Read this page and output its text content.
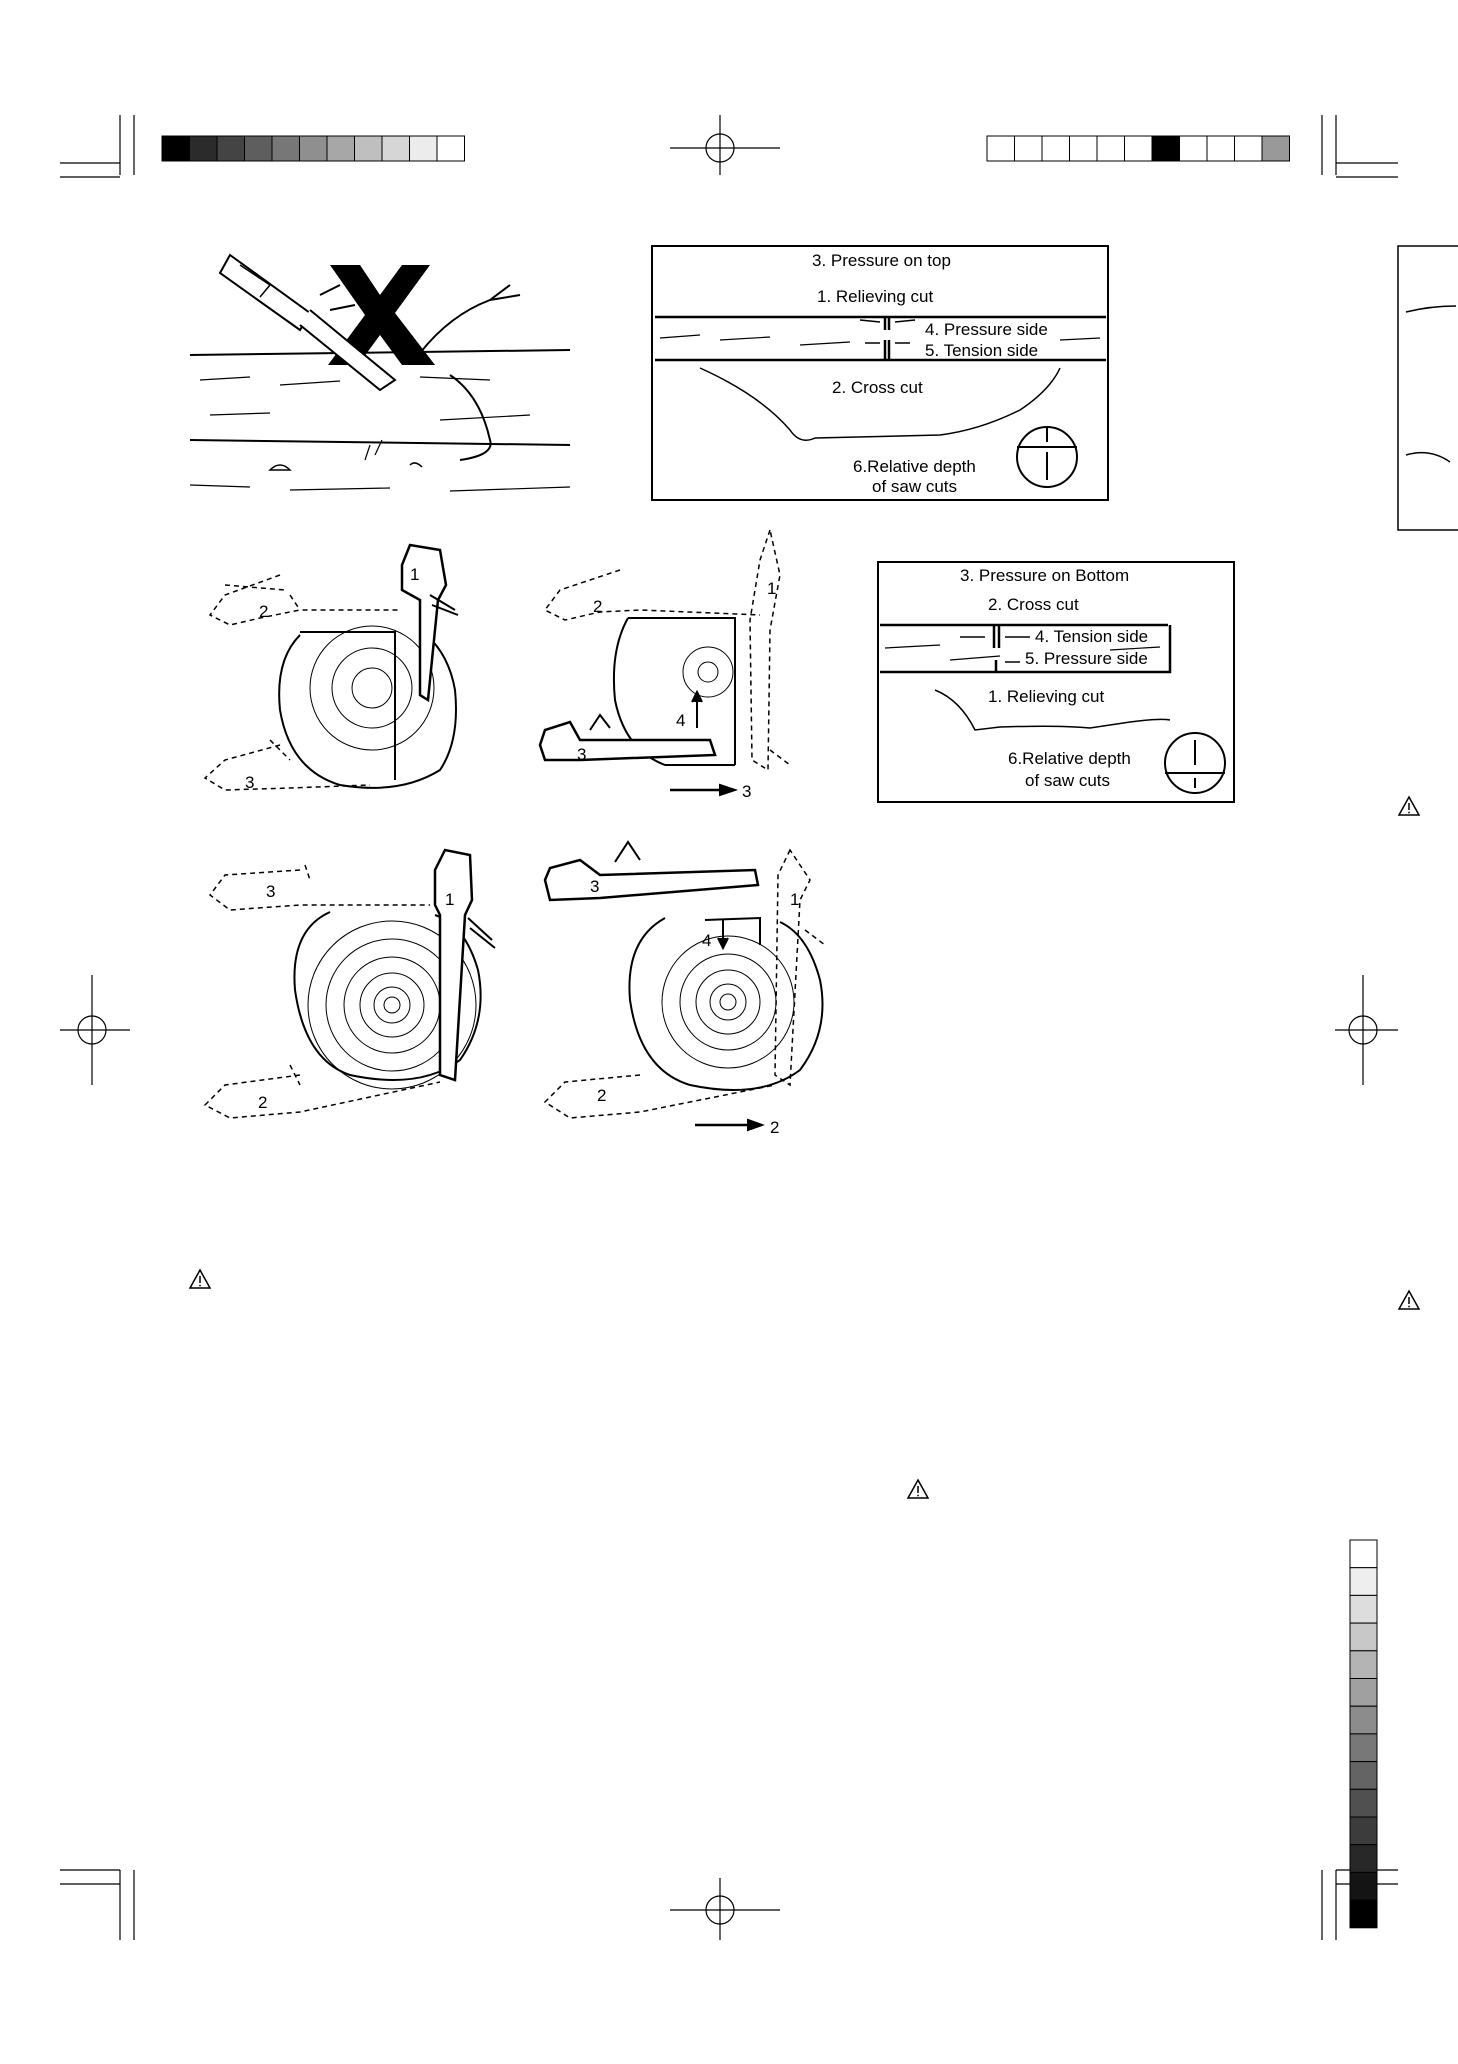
3. Pressure on top
1. Relieving cut
4. Pressure side
5. Tension side
2. Cross cut
6.Relative depth
of saw cuts
3. Pressure on Bottom
2. Cross cut
4. Tension side
5. Pressure side
1. Relieving cut
6.Relative depth
of saw cuts
1
2
3
1
2
3
4
3
1
2
3	1
2
3
4
2
